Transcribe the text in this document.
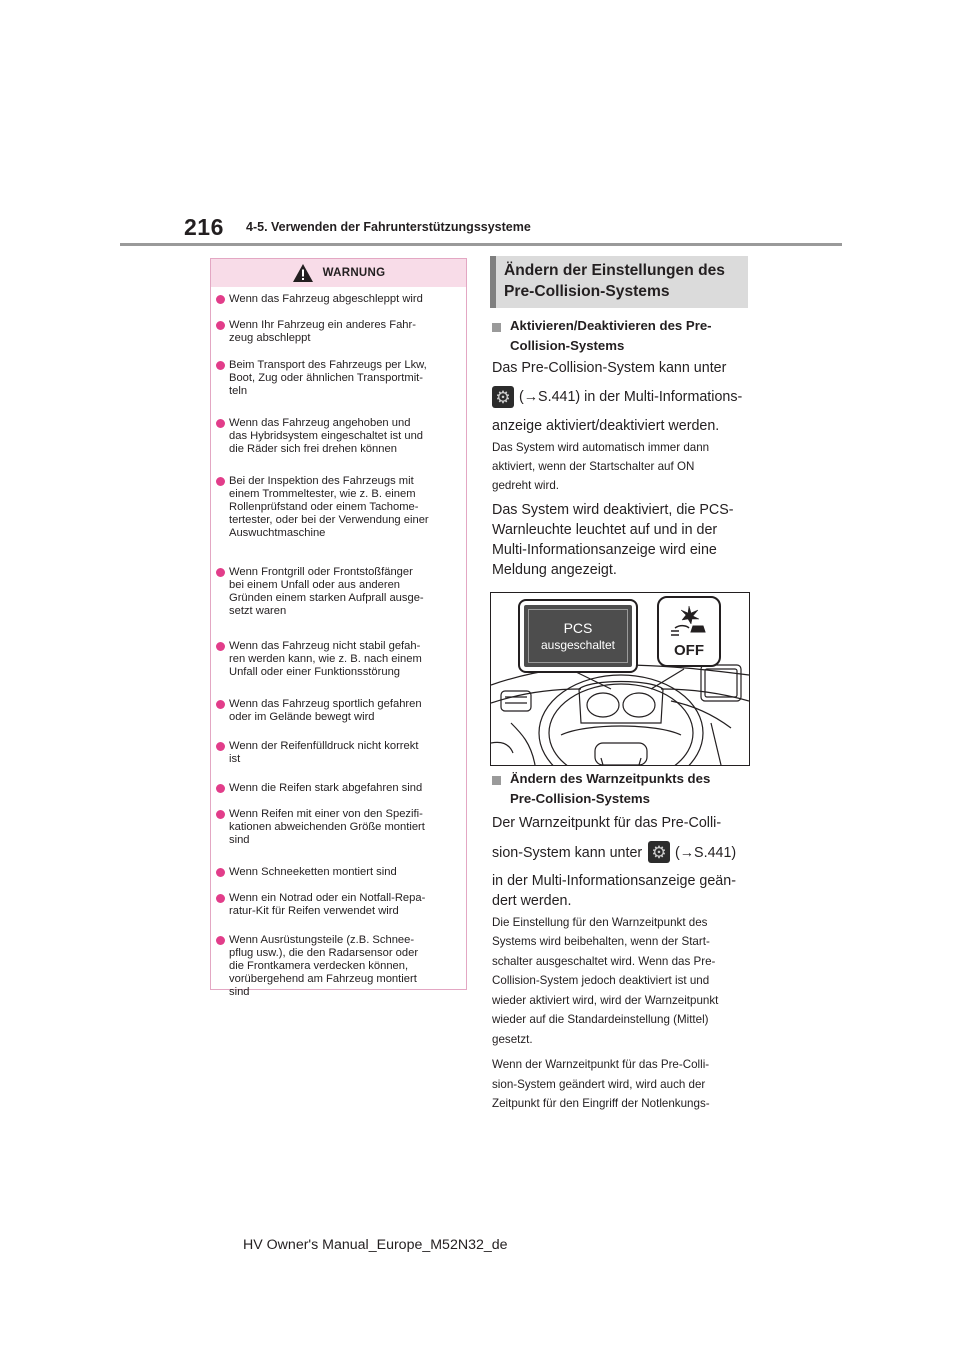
216 4-5. Verwenden der Fahrunterstützungssysteme
WARNUNG
Wenn das Fahrzeug abgeschleppt wird
Wenn Ihr Fahrzeug ein anderes Fahr-
zeug abschleppt
Beim Transport des Fahrzeugs per Lkw,
Boot, Zug oder ähnlichen Transportmit-
teln
Wenn das Fahrzeug angehoben und
das Hybridsystem eingeschaltet ist und
die Räder sich frei drehen können
Bei der Inspektion des Fahrzeugs mit
einem Trommeltester, wie z. B. einem
Rollenprüfstand oder einem Tachome-
tertester, oder bei der Verwendung einer
Auswuchtmaschine
Wenn Frontgrill oder Frontstoßfänger
bei einem Unfall oder aus anderen
Gründen einem starken Aufprall ausge-
setzt waren
Wenn das Fahrzeug nicht stabil gefah-
ren werden kann, wie z. B. nach einem
Unfall oder einer Funktionsstörung
Wenn das Fahrzeug sportlich gefahren
oder im Gelände bewegt wird
Wenn der Reifenfülldruck nicht korrekt
ist
Wenn die Reifen stark abgefahren sind
Wenn Reifen mit einer von den Spezifi-
kationen abweichenden Größe montiert
sind
Wenn Schneeketten montiert sind
Wenn ein Notrad oder ein Notfall-Repa-
ratur-Kit für Reifen verwendet wird
Wenn Ausrüstungsteile (z.B. Schnee-
pflug usw.), die den Radarsensor oder
die Frontkamera verdecken können,
vorübergehend am Fahrzeug montiert
sind
Ändern der Einstellungen des
Pre-Collision-Systems
Aktivieren/Deaktivieren des Pre-
Collision-Systems
Das Pre-Collision-System kann unter
⚙ (→S.441) in der Multi-Informations-
anzeige aktiviert/deaktiviert werden.
Das System wird automatisch immer dann
aktiviert, wenn der Startschalter auf ON
gedreht wird.
Das System wird deaktiviert, die PCS-
Warnleuchte leuchtet auf und in der
Multi-Informationsanzeige wird eine
Meldung angezeigt.
PCS
ausgeschaltet	OFF
Ändern des Warnzeitpunkts des
Pre-Collision-Systems
Der Warnzeitpunkt für das Pre-Colli-
sion-System kann unter ⚙ (→S.441)
in der Multi-Informationsanzeige geän-
dert werden.
Die Einstellung für den Warnzeitpunkt des
Systems wird beibehalten, wenn der Start-
schalter ausgeschaltet wird. Wenn das Pre-
Collision-System jedoch deaktiviert ist und
wieder aktiviert wird, wird der Warnzeitpunkt
wieder auf die Standardeinstellung (Mittel)
gesetzt.
Wenn der Warnzeitpunkt für das Pre-Colli-
sion-System geändert wird, wird auch der
Zeitpunkt für den Eingriff der Notlenkungs-
HV Owner's Manual_Europe_M52N32_de
